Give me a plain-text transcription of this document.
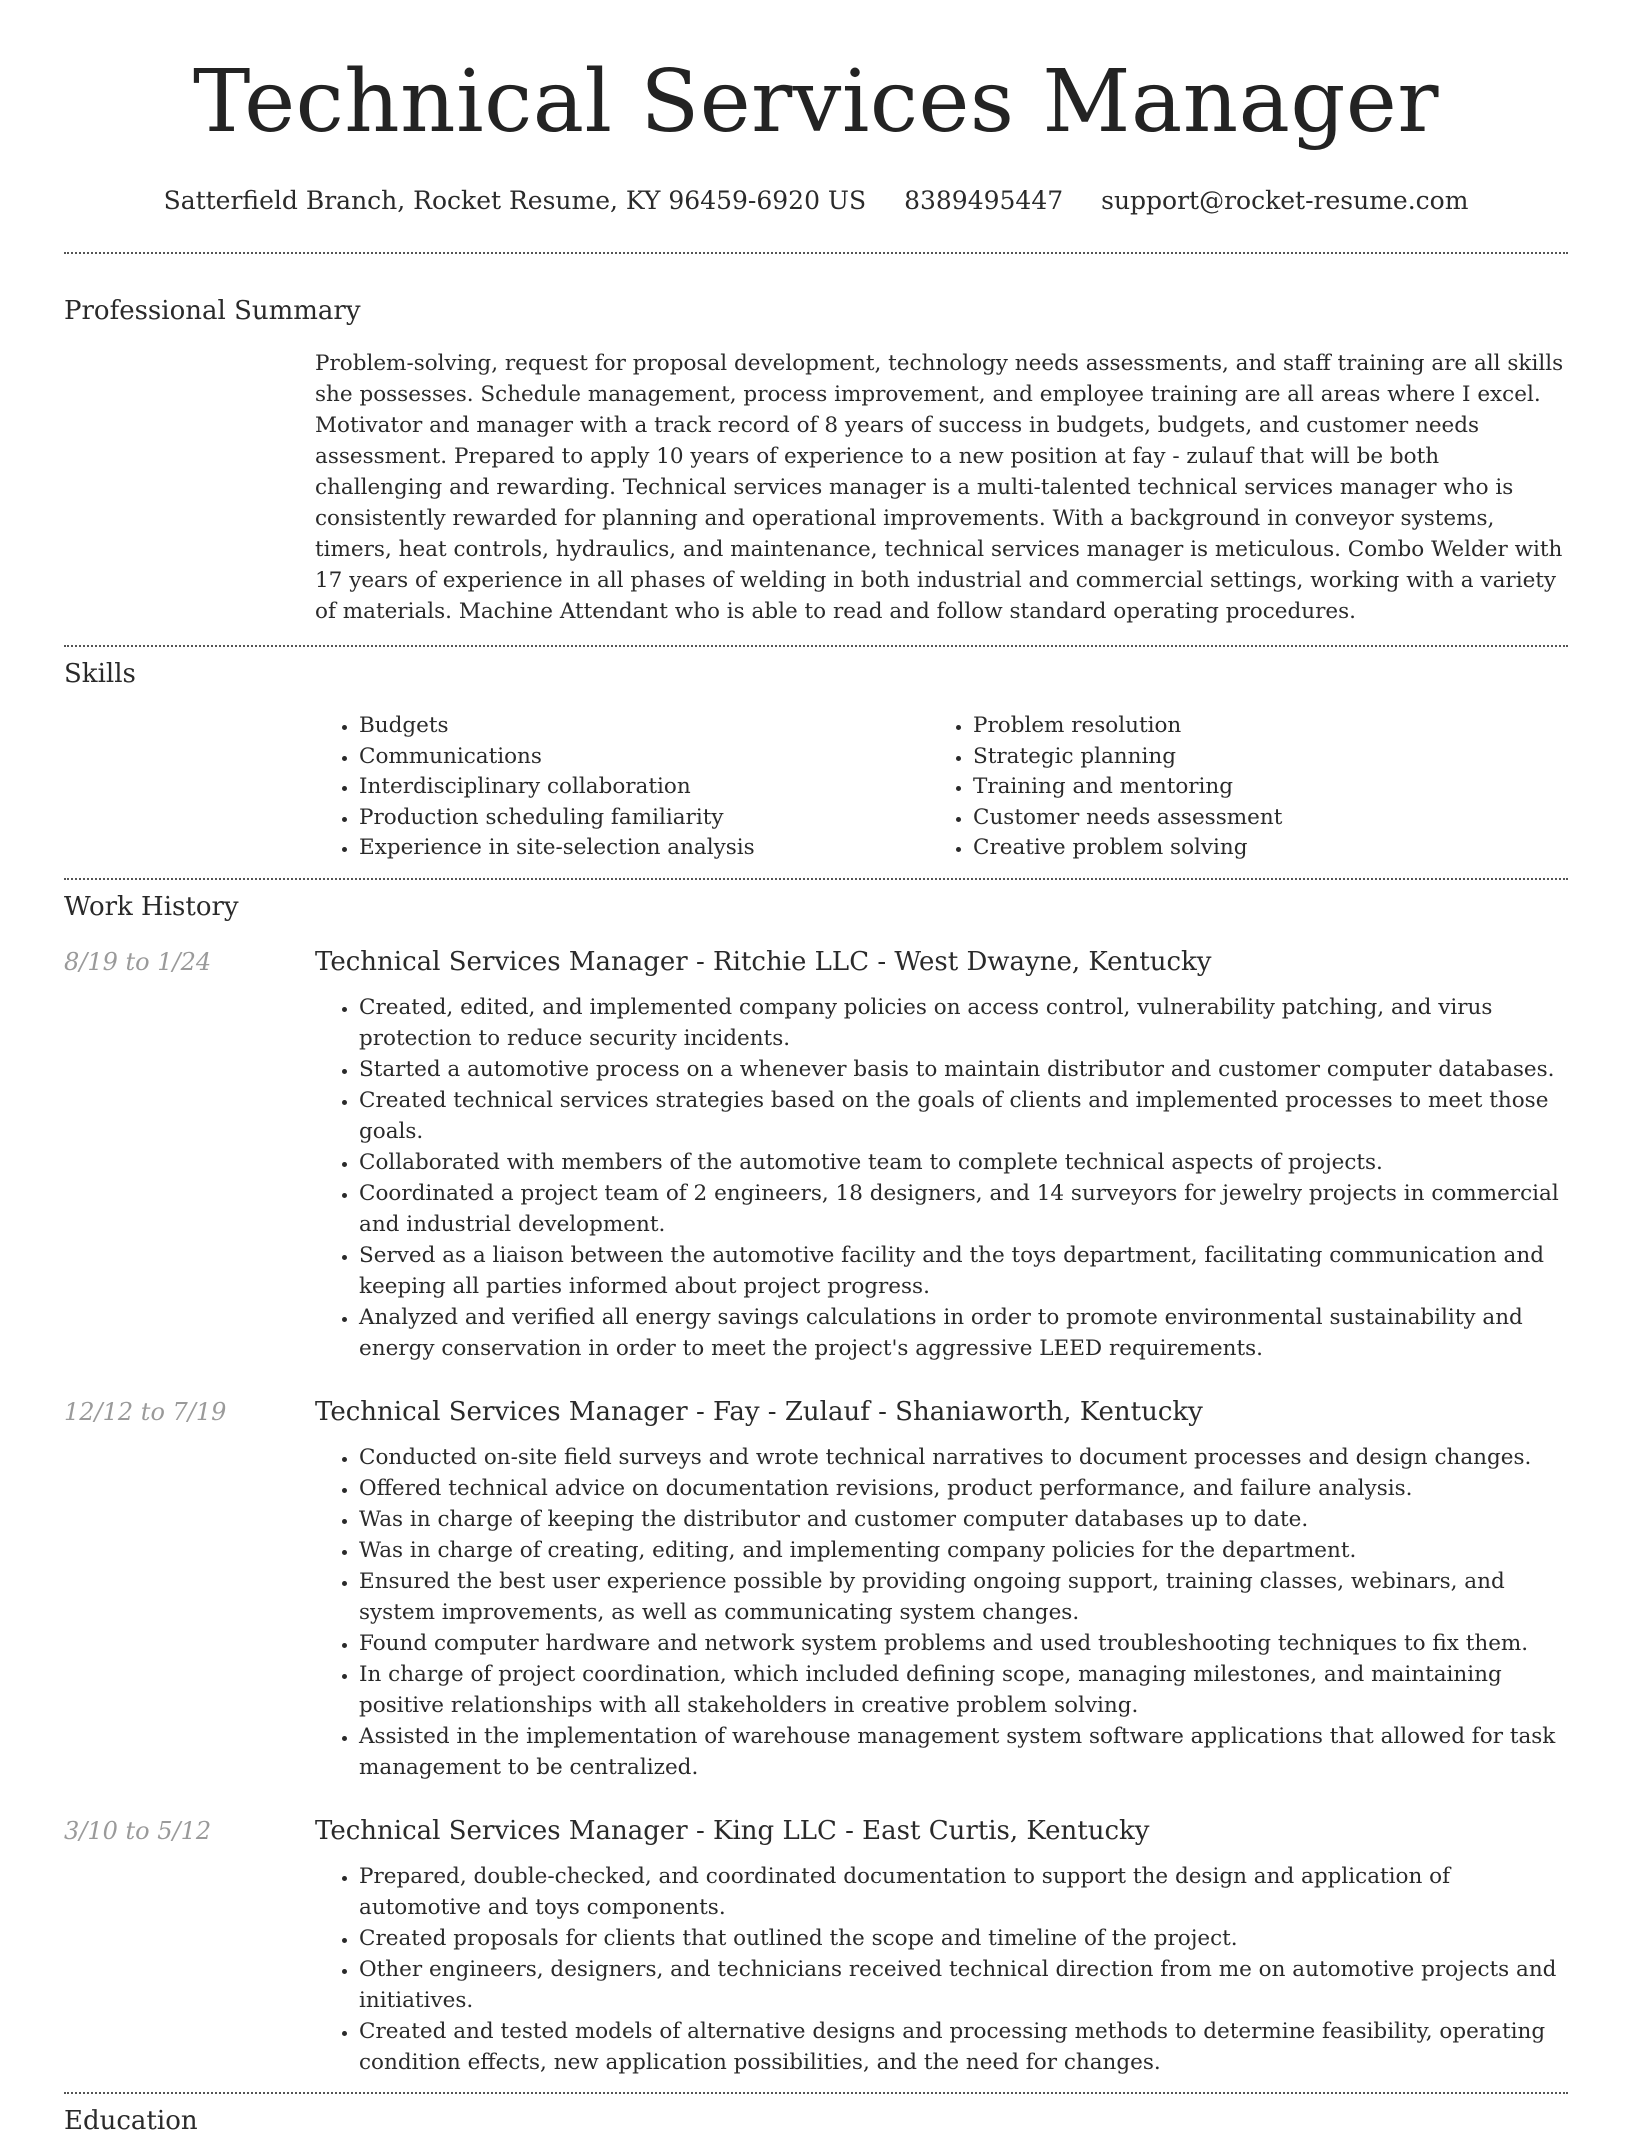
Technical Services Manager
Satterfield Branch, Rocket Resume, KY 96459-6920 US 8389495447 support@rocket-resume.com
Professional Summary
Problem-solving, request for proposal development, technology needs assessments, and staff training are all skills she possesses. Schedule management, process improvement, and employee training are all areas where I excel. Motivator and manager with a track record of 8 years of success in budgets, budgets, and customer needs assessment. Prepared to apply 10 years of experience to a new position at fay - zulauf that will be both challenging and rewarding. Technical services manager is a multi-talented technical services manager who is consistently rewarded for planning and operational improvements. With a background in conveyor systems, timers, heat controls, hydraulics, and maintenance, technical services manager is meticulous. Combo Welder with 17 years of experience in all phases of welding in both industrial and commercial settings, working with a variety of materials. Machine Attendant who is able to read and follow standard operating procedures.
Skills
• Budgets
• Communications
• Interdisciplinary collaboration
• Production scheduling familiarity
• Experience in site-selection analysis
• Problem resolution
• Strategic planning
• Training and mentoring
• Customer needs assessment
• Creative problem solving
Work History
8/19 to 1/24	Technical Services Manager - Ritchie LLC - West Dwayne, Kentucky
• Created, edited, and implemented company policies on access control, vulnerability patching, and virus protection to reduce security incidents.
• Started a automotive process on a whenever basis to maintain distributor and customer computer databases.
• Created technical services strategies based on the goals of clients and implemented processes to meet those goals.
• Collaborated with members of the automotive team to complete technical aspects of projects.
• Coordinated a project team of 2 engineers, 18 designers, and 14 surveyors for jewelry projects in commercial and industrial development.
• Served as a liaison between the automotive facility and the toys department, facilitating communication and keeping all parties informed about project progress.
• Analyzed and verified all energy savings calculations in order to promote environmental sustainability and energy conservation in order to meet the project's aggressive LEED requirements.
12/12 to 7/19	Technical Services Manager - Fay - Zulauf - Shaniaworth, Kentucky
• Conducted on-site field surveys and wrote technical narratives to document processes and design changes.
• Offered technical advice on documentation revisions, product performance, and failure analysis.
• Was in charge of keeping the distributor and customer computer databases up to date.
• Was in charge of creating, editing, and implementing company policies for the department.
• Ensured the best user experience possible by providing ongoing support, training classes, webinars, and system improvements, as well as communicating system changes.
• Found computer hardware and network system problems and used troubleshooting techniques to fix them.
• In charge of project coordination, which included defining scope, managing milestones, and maintaining positive relationships with all stakeholders in creative problem solving.
• Assisted in the implementation of warehouse management system software applications that allowed for task management to be centralized.
3/10 to 5/12	Technical Services Manager - King LLC - East Curtis, Kentucky
• Prepared, double-checked, and coordinated documentation to support the design and application of automotive and toys components.
• Created proposals for clients that outlined the scope and timeline of the project.
• Other engineers, designers, and technicians received technical direction from me on automotive projects and initiatives.
• Created and tested models of alternative designs and processing methods to determine feasibility, operating condition effects, new application possibilities, and the need for changes.
Education
